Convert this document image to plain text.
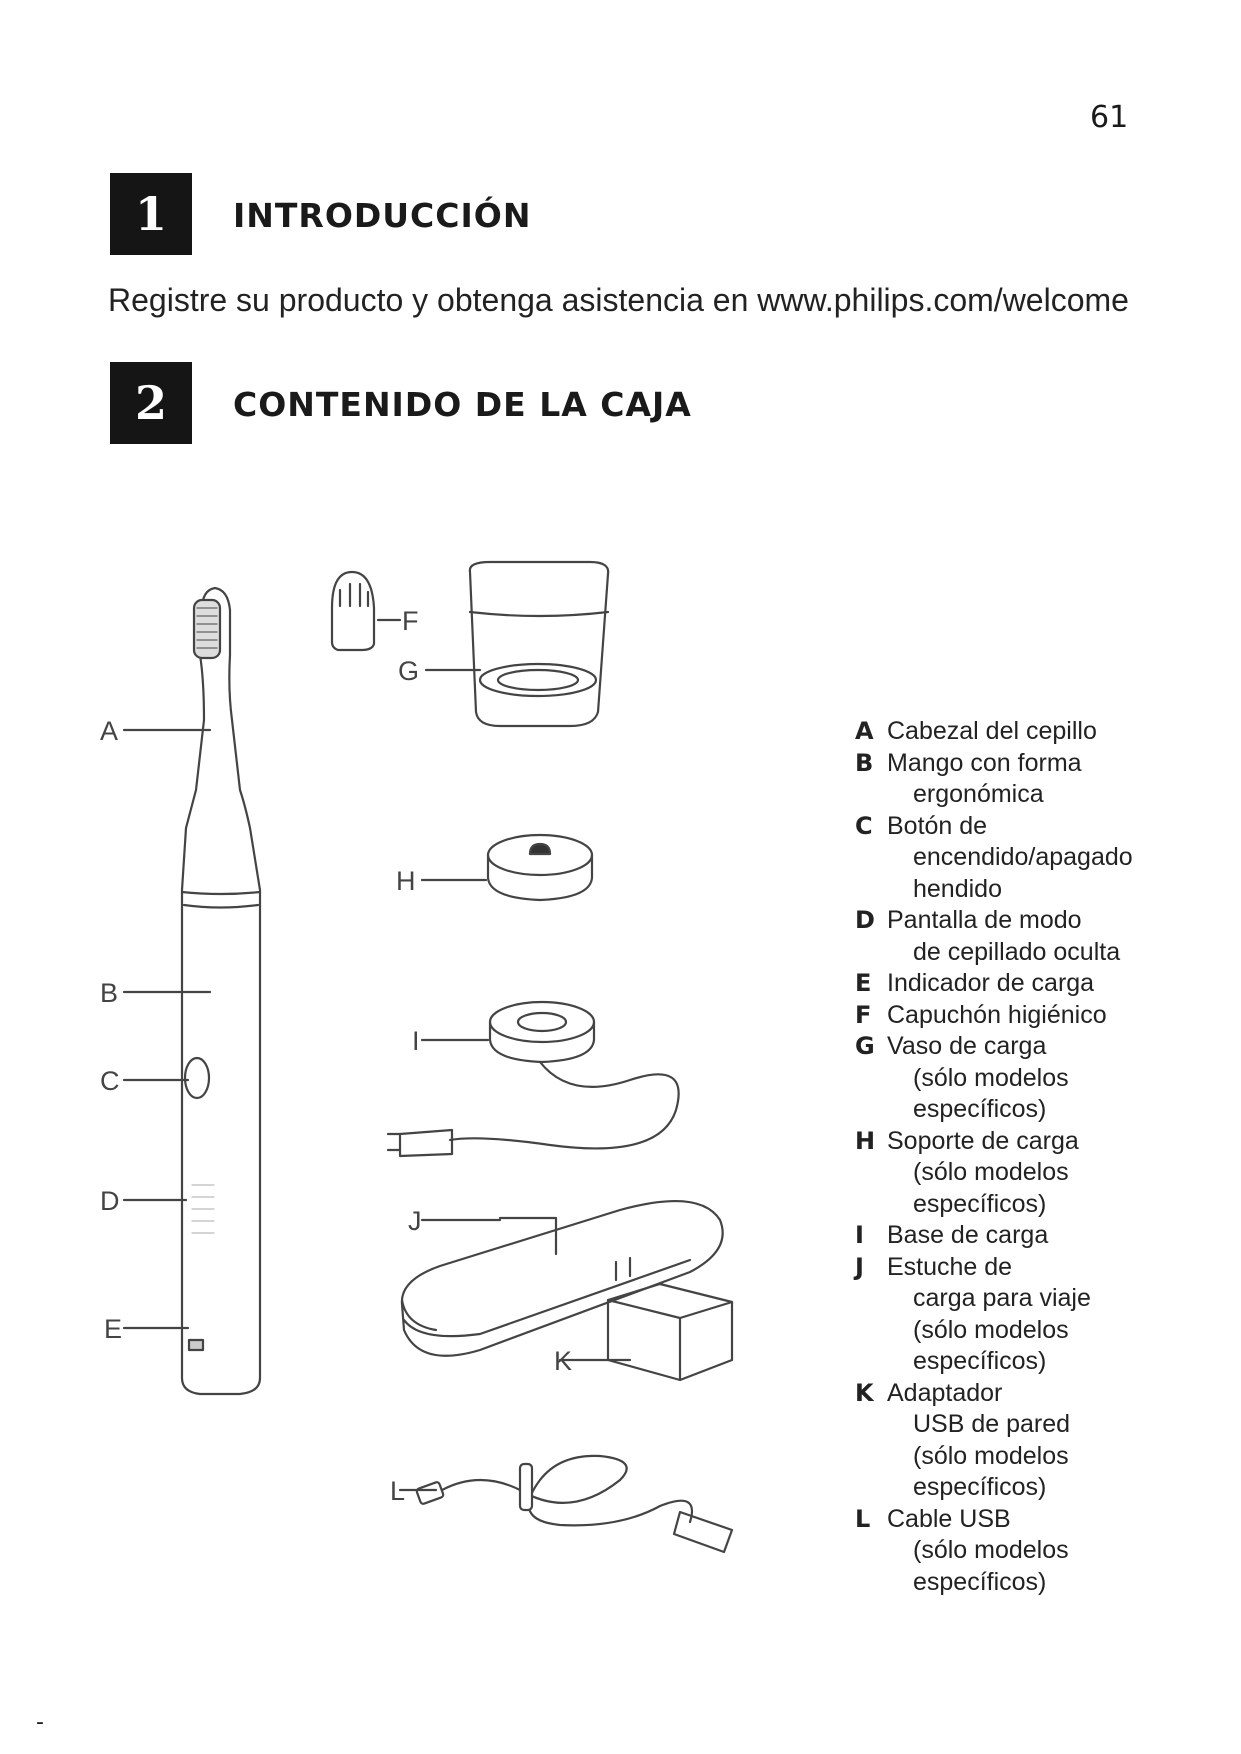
61
1	INTRODUCCIÓN
Registre su producto y obtenga asistencia en www.philips.com/welcome
2	CONTENIDO DE LA CAJA
A
B
C
D
E
F
G
H
I
J
K
L
A Cabezal del cepillo
B Mango con forma
ergonómica
C Botón de
encendido/apagado
hendido
D Pantalla de modo
de cepillado oculta
E Indicador de carga
F Capuchón higiénico
G Vaso de carga
(sólo modelos
específicos)
H Soporte de carga
(sólo modelos
específicos)
I Base de carga
J Estuche de
carga para viaje
(sólo modelos
específicos)
K Adaptador
USB de pared
(sólo modelos
específicos)
L Cable USB
(sólo modelos
específicos)
-
